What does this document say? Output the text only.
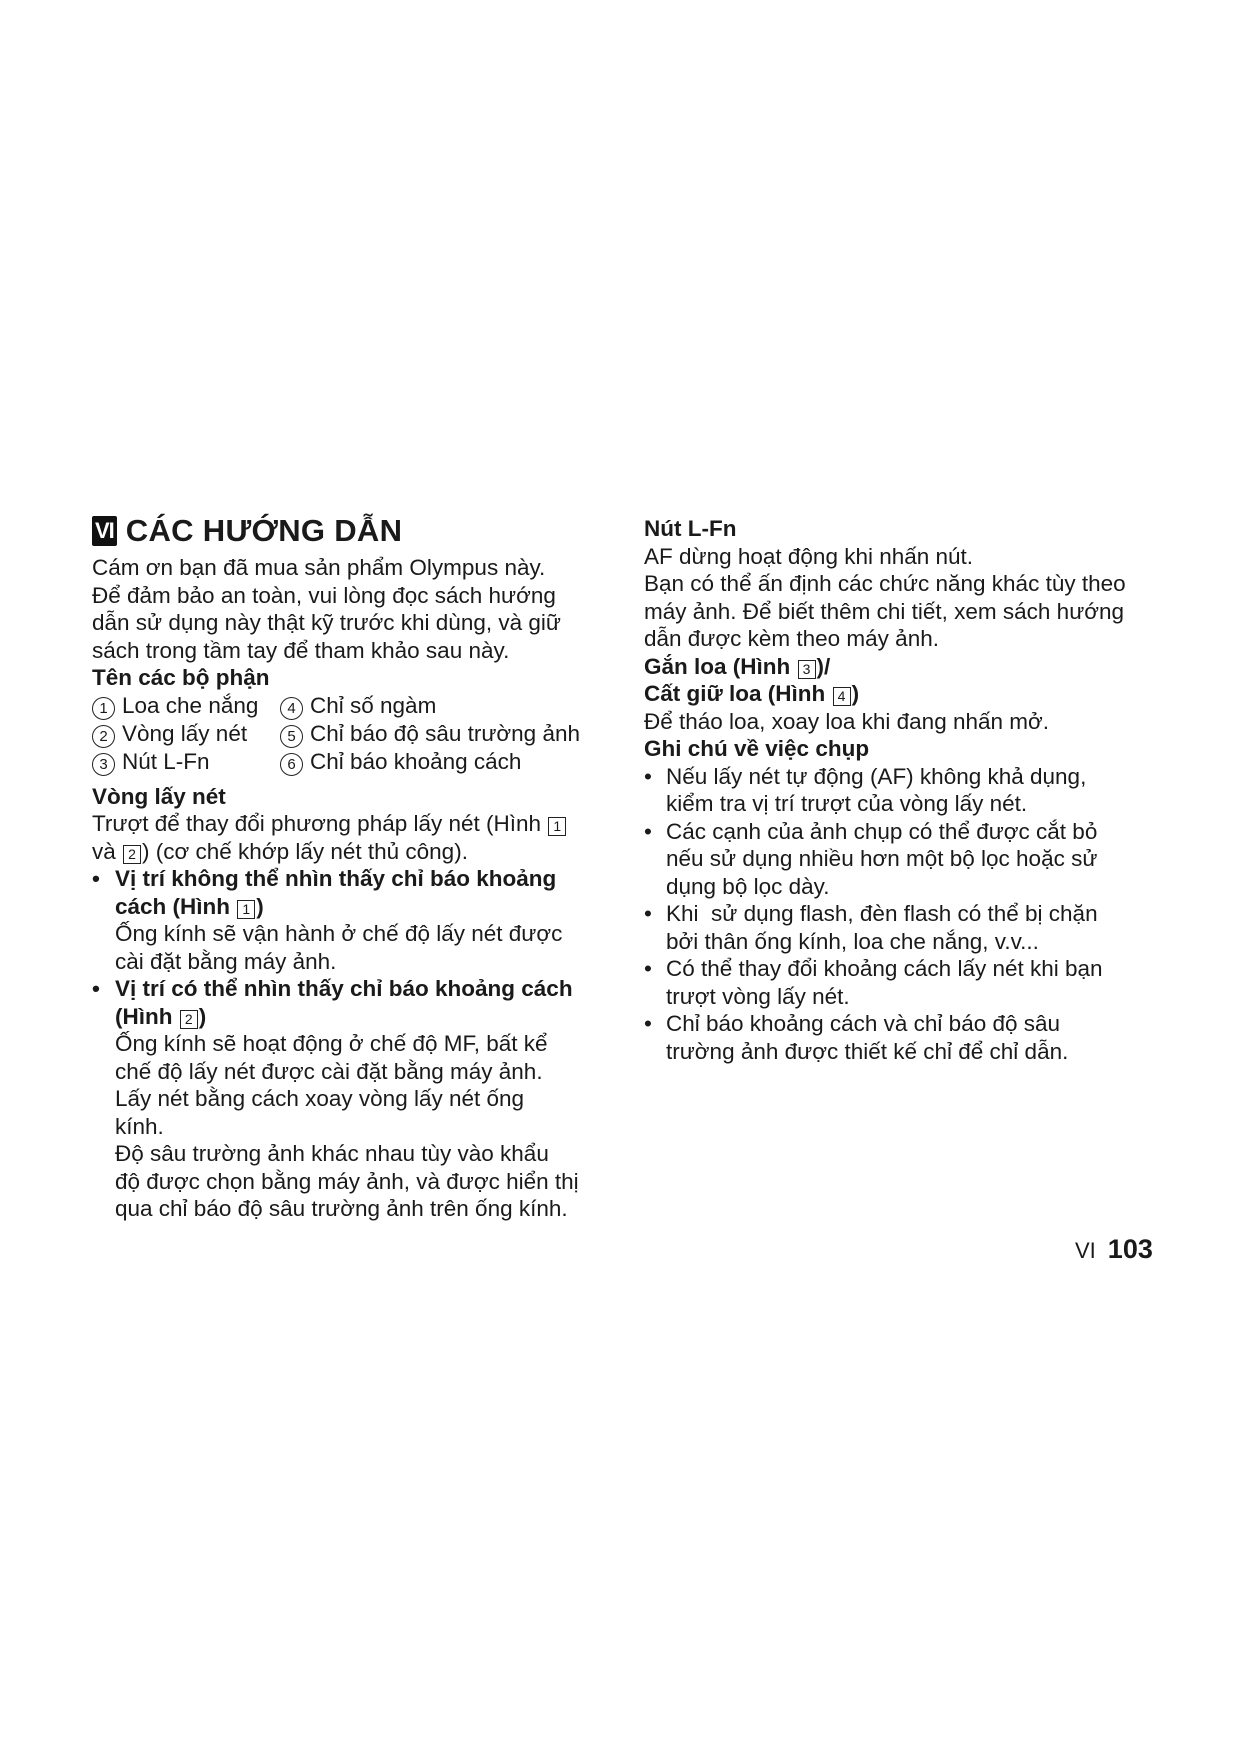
VI CÁC HƯỚNG DẪN

Cám ơn bạn đã mua sản phẩm Olympus này.

Để đảm bảo an toàn, vui lòng đọc sách hướng

dẫn sử dụng này thật kỹ trước khi dùng, và giữ

sách trong tầm tay để tham khảo sau này.

Tên các bộ phận

1 Loa che nắng	4 Chỉ số ngàm
2 Vòng lấy nét	5 Chỉ báo độ sâu trường ảnh
3 Nút L-Fn	6 Chỉ báo khoảng cách

Vòng lấy nét

Trượt để thay đổi phương pháp lấy nét (Hình 1

và 2 ) (cơ chế khớp lấy nét thủ công).

• Vị trí không thể nhìn thấy chỉ báo khoảng
cách (Hình 1 )

Ống kính sẽ vận hành ở chế độ lấy nét được

cài đặt bằng máy ảnh.

• Vị trí có thể nhìn thấy chỉ báo khoảng cách
(Hình 2 )

Ống kính sẽ hoạt động ở chế độ MF, bất kể

chế độ lấy nét được cài đặt bằng máy ảnh.

Lấy nét bằng cách xoay vòng lấy nét ống

kính.

Độ sâu trường ảnh khác nhau tùy vào khẩu

độ được chọn bằng máy ảnh, và được hiển thị

qua chỉ báo độ sâu trường ảnh trên ống kính.

Nút L-Fn

AF dừng hoạt động khi nhấn nút.

Bạn có thể ấn định các chức năng khác tùy theo

máy ảnh. Để biết thêm chi tiết, xem sách hướng

dẫn được kèm theo máy ảnh.

Gắn loa (Hình 3 )/

Cất giữ loa (Hình 4 )

Để tháo loa, xoay loa khi đang nhấn mở.

Ghi chú về việc chụp

• Nếu lấy nét tự động (AF) không khả dụng,

kiểm tra vị trí trượt của vòng lấy nét.

• Các cạnh của ảnh chụp có thể được cắt bỏ

nếu sử dụng nhiều hơn một bộ lọc hoặc sử

dụng bộ lọc dày.

• Khi  sử dụng flash, đèn flash có thể bị chặn

bởi thân ống kính, loa che nắng, v.v...

• Có thể thay đổi khoảng cách lấy nét khi bạn

trượt vòng lấy nét.

• Chỉ báo khoảng cách và chỉ báo độ sâu

trường ảnh được thiết kế chỉ để chỉ dẫn.

VI 103
